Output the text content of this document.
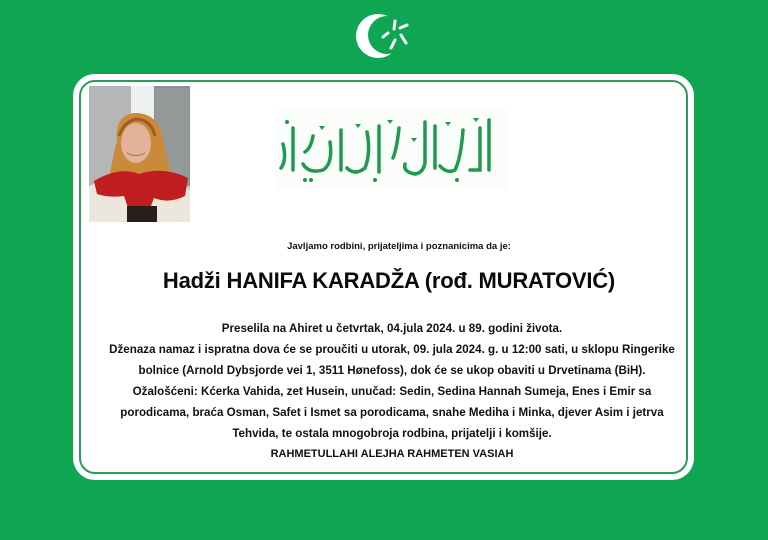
Javljamo rodbini, prijateljima i poznanicima da je:
Hadži HANIFA KARADŽA (rođ. MURATOVIĆ)
Preselila na Ahiret u četvrtak, 04.jula 2024. u 89. godini života.
Dženaza namaz i ispratna dova će se proučiti u utorak, 09. jula 2024. g. u 12:00 sati, u sklopu Ringerike
bolnice (Arnold Dybsjorde vei 1, 3511 Hønefoss), dok će se ukop obaviti u Drvetinama (BiH).
Ožalošćeni: Kćerka Vahida, zet Husein, unučad: Sedin, Sedina Hannah Sumeja, Enes i Emir sa
porodicama, braća Osman, Safet i Ismet sa porodicama, snahe Mediha i Minka, djever Asim i jetrva
Tehvida, te ostala mnogobroja rodbina, prijatelji i komšije.
RAHMETULLAHI ALEJHA RAHMETEN VASIAH
